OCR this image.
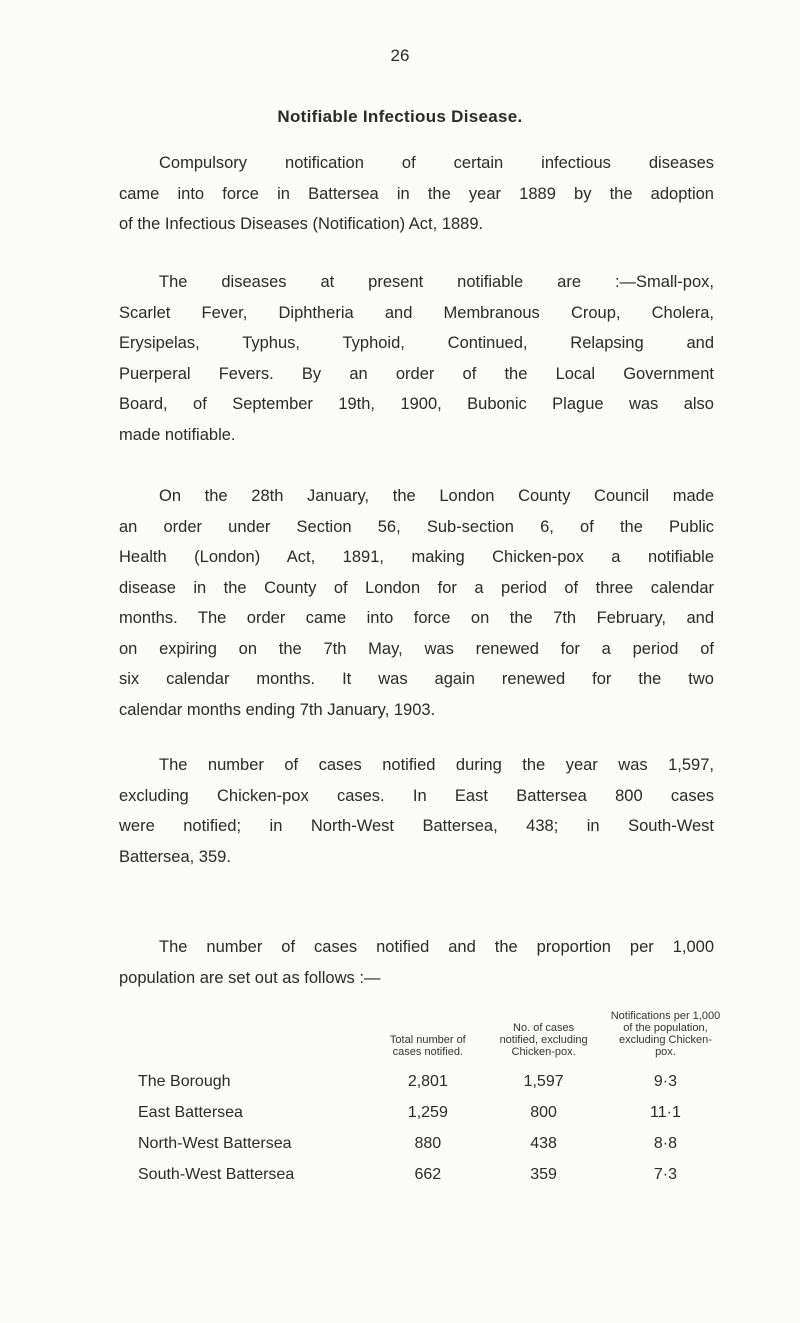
26
Notifiable Infectious Disease.

Compulsory notification of certain infectious diseases
came into force in Battersea in the year 1889 by the adoption
of the Infectious Diseases (Notification) Act, 1889.

The diseases at present notifiable are :—Small-pox,
Scarlet Fever, Diphtheria and Membranous Croup, Cholera,
Erysipelas, Typhus, Typhoid, Continued, Relapsing and
Puerperal Fevers. By an order of the Local Government
Board, of September 19th, 1900, Bubonic Plague was also
made notifiable.

On the 28th January, the London County Council made
an order under Section 56, Sub-section 6, of the Public
Health (London) Act, 1891, making Chicken-pox a notifiable
disease in the County of London for a period of three calendar
months. The order came into force on the 7th February, and
on expiring on the 7th May, was renewed for a period of
six calendar months. It was again renewed for the two
calendar months ending 7th January, 1903.

The number of cases notified during the year was 1,597,
excluding Chicken-pox cases. In East Battersea 800 cases
were notified; in North-West Battersea, 438; in South-West
Battersea, 359.

The number of cases notified and the proportion per 1,000
population are set out as follows :—

	Total number of cases notified.	No. of cases notified, excluding Chicken-pox.	Notifications per 1,000 of the population, excluding Chicken-pox.
The Borough	2,801	1,597	9·3
East Battersea	1,259	800	11·1
North-West Battersea	880	438	8·8
South-West Battersea	662	359	7·3
